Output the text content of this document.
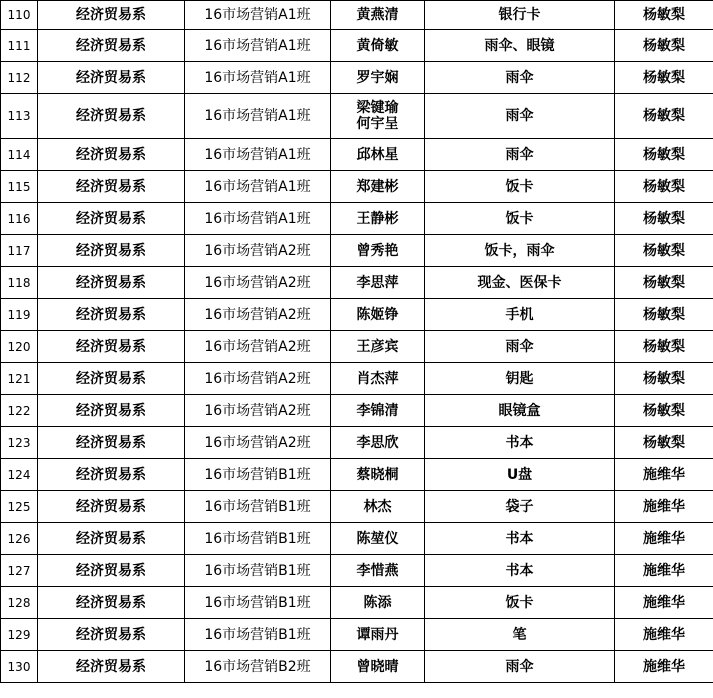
110	经济贸易系	16市场营销A1班	黄燕清	银行卡	杨敏梨
111	经济贸易系	16市场营销A1班	黄倚敏	雨伞、眼镜	杨敏梨
112	经济贸易系	16市场营销A1班	罗宇娴	雨伞	杨敏梨
113	经济贸易系	16市场营销A1班	梁键瑜
何宇呈	雨伞	杨敏梨
114	经济贸易系	16市场营销A1班	邱林星	雨伞	杨敏梨
115	经济贸易系	16市场营销A1班	郑建彬	饭卡	杨敏梨
116	经济贸易系	16市场营销A1班	王静彬	饭卡	杨敏梨
117	经济贸易系	16市场营销A2班	曾秀艳	饭卡，雨伞	杨敏梨
118	经济贸易系	16市场营销A2班	李思萍	现金、医保卡	杨敏梨
119	经济贸易系	16市场营销A2班	陈姬铮	手机	杨敏梨
120	经济贸易系	16市场营销A2班	王彦宾	雨伞	杨敏梨
121	经济贸易系	16市场营销A2班	肖杰萍	钥匙	杨敏梨
122	经济贸易系	16市场营销A2班	李锦清	眼镜盒	杨敏梨
123	经济贸易系	16市场营销A2班	李思欣	书本	杨敏梨
124	经济贸易系	16市场营销B1班	蔡晓桐	U盘	施维华
125	经济贸易系	16市场营销B1班	林杰	袋子	施维华
126	经济贸易系	16市场营销B1班	陈堃仪	书本	施维华
127	经济贸易系	16市场营销B1班	李惜燕	书本	施维华
128	经济贸易系	16市场营销B1班	陈添	饭卡	施维华
129	经济贸易系	16市场营销B1班	谭雨丹	笔	施维华
130	经济贸易系	16市场营销B2班	曾晓晴	雨伞	施维华
